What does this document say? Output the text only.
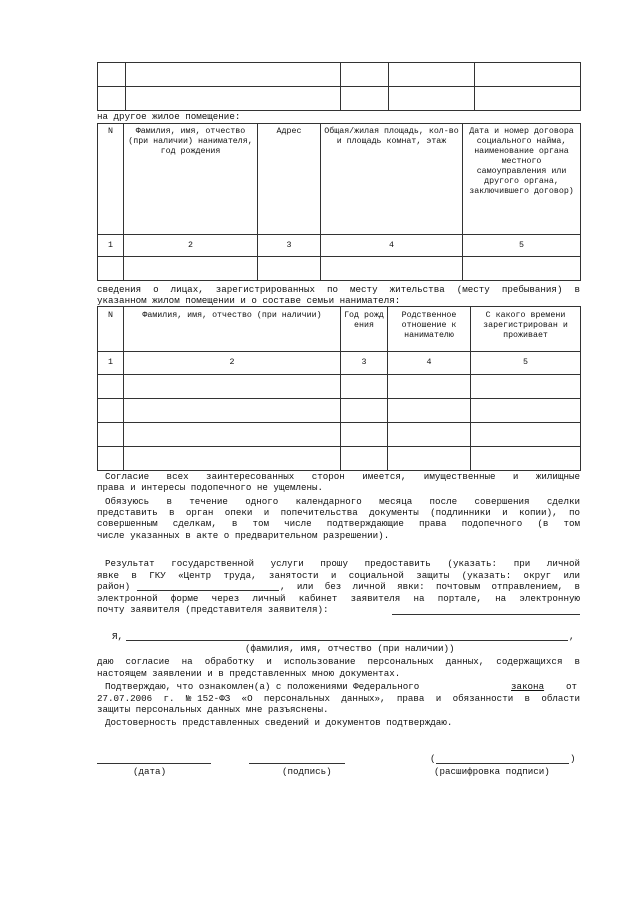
на другое жилое помещение:
N	Фамилия, имя, отчество (при наличии) нанимателя, год рождения	Адрес	Общая/жилая площадь, кол-во и площадь комнат, этаж	Дата и номер договора социального найма, наименование органа местного самоуправления или другого органа, заключившего договор)
1	2	3	4	5

сведения о лицах, зарегистрированных по месту жительства (месту пребывания) в
указанном жилом помещении и о составе семьи нанимателя:
N	Фамилия, имя, отчество (при наличии)	Год рождения	Родственное отношение к нанимателю	С какого времени зарегистрирован и проживает
1	2	3	4	5

Согласие всех заинтересованных сторон имеется, имущественные и жилищные
права и интересы подопечного не ущемлены.
Обязуюсь в течение одного календарного месяца после совершения сделки
представить в орган опеки и попечительства документы (подлинники и копии), по
совершенным сделкам, в том числе подтверждающие права подопечного (в том
числе указанных в акте о предварительном разрешении).
Результат государственной услуги прошу предоставить (указать: при личной
явке в ГКУ «Центр труда, занятости и социальной защиты (указать: округ или
район)	, или без личной явки: почтовым отправлением, в
электронной форме через личный кабинет заявителя на портале, на электронную
почту заявителя (представителя заявителя):
Я,	,
(фамилия, имя, отчество (при наличии))
даю согласие на обработку и использование персональных данных, содержащихся в
настоящем заявлении и в представленных мною документах.
Подтверждаю, что ознакомлен(а) с положениями Федерального	закона от
27.07.2006 г. №152-ФЗ «О персональных данных», права и обязанности в области
защиты персональных данных мне разъяснены.
Достоверность представленных сведений и документов подтверждаю.
(	)
(дата)	(подпись)	(расшифровка подписи)
